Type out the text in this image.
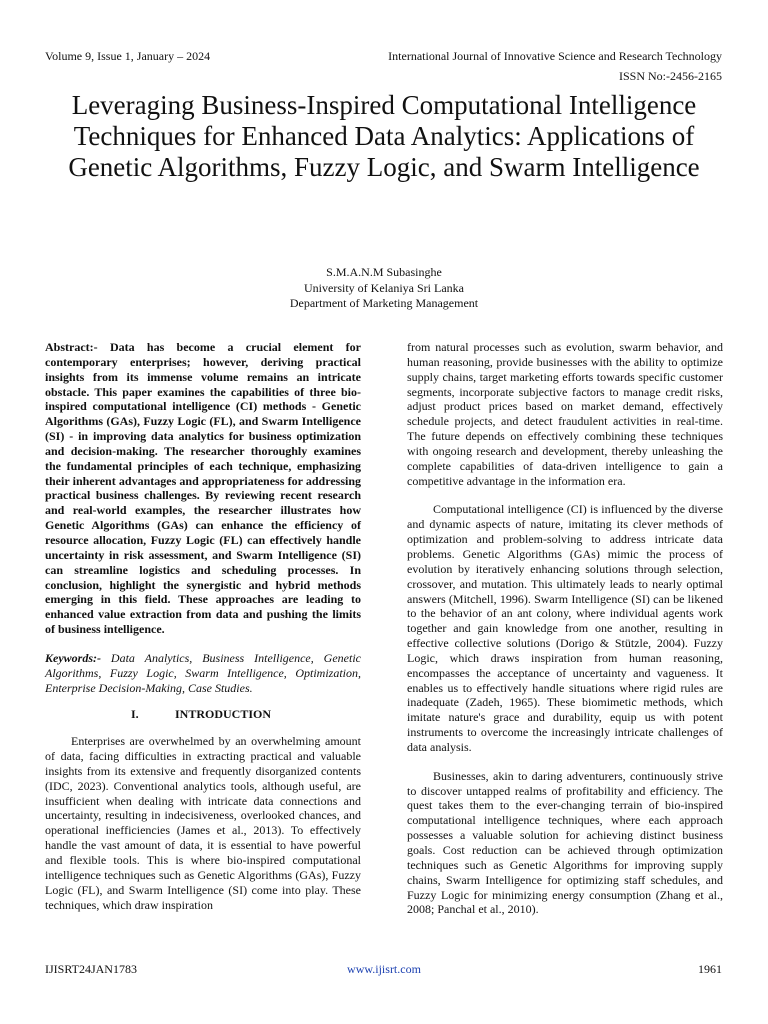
Volume 9, Issue 1, January – 2024	International Journal of Innovative Science and Research Technology
ISSN No:-2456-2165
Leveraging Business-Inspired Computational Intelligence Techniques for Enhanced Data Analytics: Applications of Genetic Algorithms, Fuzzy Logic, and Swarm Intelligence
S.M.A.N.M Subasinghe
University of Kelaniya Sri Lanka
Department of Marketing Management

Abstract:- Data has become a crucial element for contemporary enterprises; however, deriving practical insights from its immense volume remains an intricate obstacle. This paper examines the capabilities of three bio-inspired computational intelligence (CI) methods - Genetic Algorithms (GAs), Fuzzy Logic (FL), and Swarm Intelligence (SI) - in improving data analytics for business optimization and decision-making. The researcher thoroughly examines the fundamental principles of each technique, emphasizing their inherent advantages and appropriateness for addressing practical business challenges. By reviewing recent research and real-world examples, the researcher illustrates how Genetic Algorithms (GAs) can enhance the efficiency of resource allocation, Fuzzy Logic (FL) can effectively handle uncertainty in risk assessment, and Swarm Intelligence (SI) can streamline logistics and scheduling processes. In conclusion, highlight the synergistic and hybrid methods emerging in this field. These approaches are leading to enhanced value extraction from data and pushing the limits of business intelligence.

Keywords:- Data Analytics, Business Intelligence, Genetic Algorithms, Fuzzy Logic, Swarm Intelligence, Optimization, Enterprise Decision-Making, Case Studies.

I.	INTRODUCTION

Enterprises are overwhelmed by an overwhelming amount of data, facing difficulties in extracting practical and valuable insights from its extensive and frequently disorganized contents (IDC, 2023). Conventional analytics tools, although useful, are insufficient when dealing with intricate data connections and uncertainty, resulting in indecisiveness, overlooked chances, and operational inefficiencies (James et al., 2013). To effectively handle the vast amount of data, it is essential to have powerful and flexible tools. This is where bio-inspired computational intelligence techniques such as Genetic Algorithms (GAs), Fuzzy Logic (FL), and Swarm Intelligence (SI) come into play. These techniques, which draw inspiration

from natural processes such as evolution, swarm behavior, and human reasoning, provide businesses with the ability to optimize supply chains, target marketing efforts towards specific customer segments, incorporate subjective factors to manage credit risks, adjust product prices based on market demand, effectively schedule projects, and detect fraudulent activities in real-time. The future depends on effectively combining these techniques with ongoing research and development, thereby unleashing the complete capabilities of data-driven intelligence to gain a competitive advantage in the information era.

Computational intelligence (CI) is influenced by the diverse and dynamic aspects of nature, imitating its clever methods of optimization and problem-solving to address intricate data problems. Genetic Algorithms (GAs) mimic the process of evolution by iteratively enhancing solutions through selection, crossover, and mutation. This ultimately leads to nearly optimal answers (Mitchell, 1996). Swarm Intelligence (SI) can be likened to the behavior of an ant colony, where individual agents work together and gain knowledge from one another, resulting in effective collective solutions (Dorigo & Stützle, 2004). Fuzzy Logic, which draws inspiration from human reasoning, encompasses the acceptance of uncertainty and vagueness. It enables us to effectively handle situations where rigid rules are inadequate (Zadeh, 1965). These biomimetic methods, which imitate nature's grace and durability, equip us with potent instruments to overcome the increasingly intricate challenges of data analysis.

Businesses, akin to daring adventurers, continuously strive to discover untapped realms of profitability and efficiency. The quest takes them to the ever-changing terrain of bio-inspired computational intelligence techniques, where each approach possesses a valuable solution for achieving distinct business goals. Cost reduction can be achieved through optimization techniques such as Genetic Algorithms for improving supply chains, Swarm Intelligence for optimizing staff schedules, and Fuzzy Logic for minimizing energy consumption (Zhang et al., 2008; Panchal et al., 2010).

IJISRT24JAN1783	www.ijisrt.com	1961
